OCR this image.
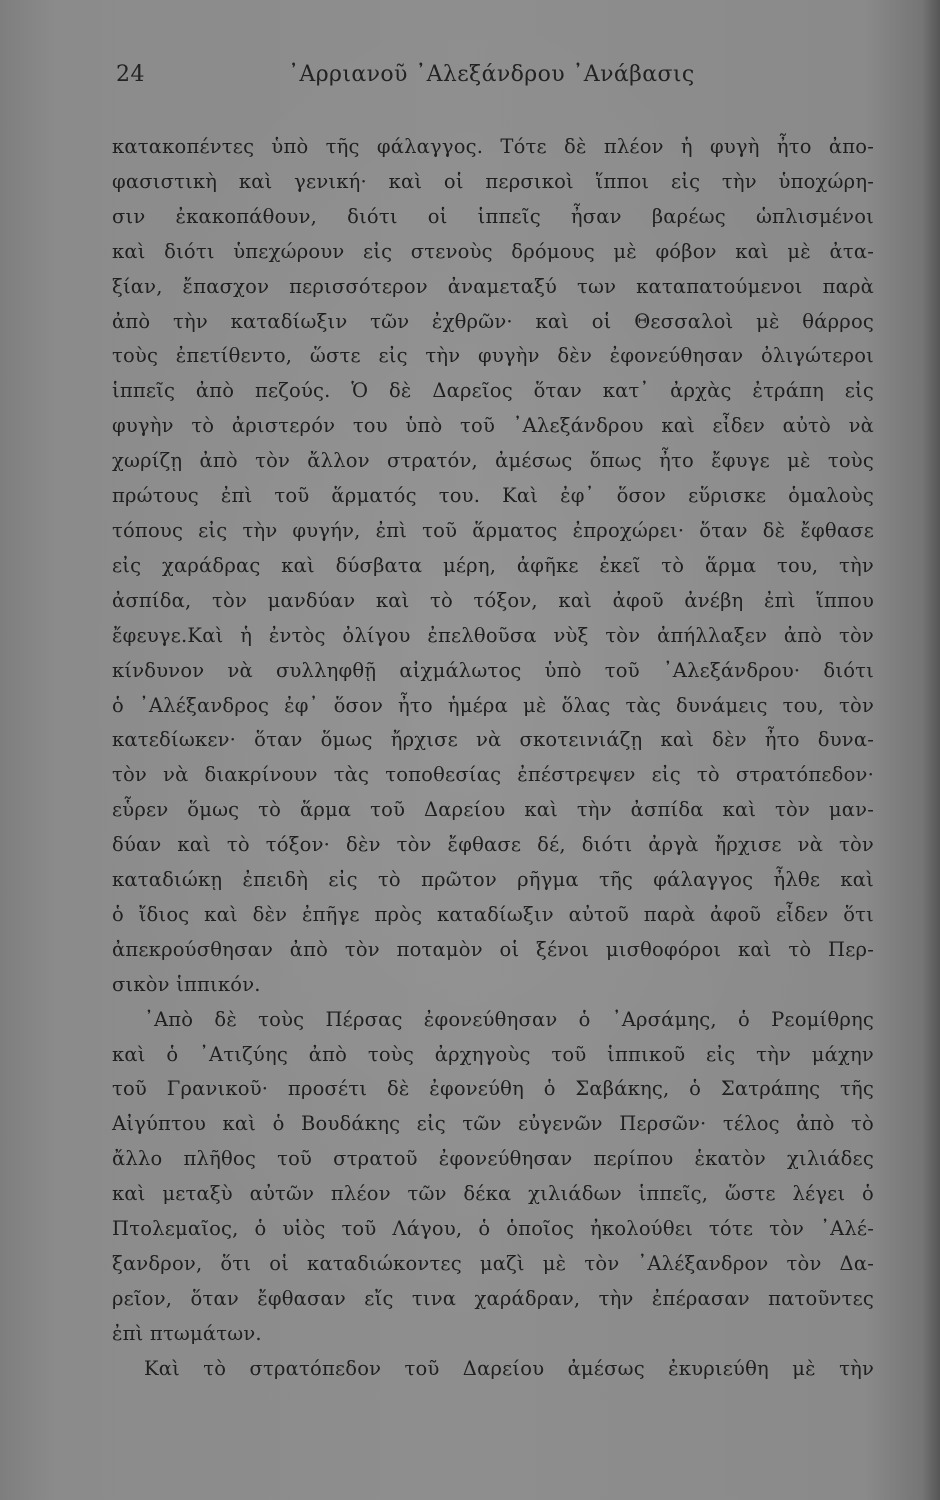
24	᾿Αρριανοῦ ᾿Αλεξάνδρου ᾿Ανάβασις
κατακοπέντες ὑπὸ τῆς φάλαγγος. Τότε δὲ πλέον ἡ φυγὴ ἦτο ἀπο-
φασιστικὴ καὶ γενική· καὶ οἱ περσικοὶ ἵπποι εἰς τὴν ὑποχώρη-
σιν ἐκακοπάθουν, διότι οἱ ἱππεῖς ἦσαν βαρέως ὡπλισμένοι
καὶ διότι ὑπεχώρουν εἰς στενοὺς δρόμους μὲ φόβον καὶ μὲ ἀτα-
ξίαν, ἔπασχον περισσότερον ἀναμεταξύ των καταπατούμενοι παρὰ
ἀπὸ τὴν καταδίωξιν τῶν ἐχθρῶν· καὶ οἱ Θεσσαλοὶ μὲ θάρρος
τοὺς ἐπετίθεντο, ὥστε εἰς τὴν φυγὴν δὲν ἐφονεύθησαν ὀλιγώτεροι
ἱππεῖς ἀπὸ πεζούς. Ὁ δὲ Δαρεῖος ὅταν κατ᾿ ἀρχὰς ἐτράπη εἰς
φυγὴν τὸ ἀριστερόν του ὑπὸ τοῦ ᾿Αλεξάνδρου καὶ εἶδεν αὐτὸ νὰ
χωρίζῃ ἀπὸ τὸν ἄλλον στρατόν, ἀμέσως ὅπως ἦτο ἔφυγε μὲ τοὺς
πρώτους ἐπὶ τοῦ ἅρματός του. Καὶ ἐφ᾿ ὅσον εὕρισκε ὁμαλοὺς
τόπους εἰς τὴν φυγήν, ἐπὶ τοῦ ἅρματος ἐπροχώρει· ὅταν δὲ ἔφθασε
εἰς χαράδρας καὶ δύσβατα μέρη, ἀφῆκε ἐκεῖ τὸ ἅρμα του, τὴν
ἀσπίδα, τὸν μανδύαν καὶ τὸ τόξον, καὶ ἀφοῦ ἀνέβη ἐπὶ ἵππου
ἔφευγε.Καὶ ἡ ἐντὸς ὀλίγου ἐπελθοῦσα νὺξ τὸν ἀπήλλαξεν ἀπὸ τὸν
κίνδυνον νὰ συλληφθῇ αἰχμάλωτος ὑπὸ τοῦ ᾿Αλεξάνδρου· διότι
ὁ ᾿Αλέξανδρος ἐφ᾿ ὅσον ἦτο ἡμέρα μὲ ὅλας τὰς δυνάμεις του, τὸν
κατεδίωκεν· ὅταν ὅμως ἤρχισε νὰ σκοτεινιάζῃ καὶ δὲν ἦτο δυνα-
τὸν νὰ διακρίνουν τὰς τοποθεσίας ἐπέστρεψεν εἰς τὸ στρατόπεδον·
εὗρεν ὅμως τὸ ἅρμα τοῦ Δαρείου καὶ τὴν ἀσπίδα καὶ τὸν μαν-
δύαν καὶ τὸ τόξον· δὲν τὸν ἔφθασε δέ, διότι ἀργὰ ἤρχισε νὰ τὸν
καταδιώκῃ ἐπειδὴ εἰς τὸ πρῶτον ρῆγμα τῆς φάλαγγος ἦλθε καὶ
ὁ ἴδιος καὶ δὲν ἐπῆγε πρὸς καταδίωξιν αὐτοῦ παρὰ ἀφοῦ εἶδεν ὅτι
ἀπεκρούσθησαν ἀπὸ τὸν ποταμὸν οἱ ξένοι μισθοφόροι καὶ τὸ Περ-
σικὸν ἱππικόν.
᾿Απὸ δὲ τοὺς Πέρσας ἐφονεύθησαν ὁ ᾿Αρσάμης, ὁ Ρεομίθρης
καὶ ὁ ᾿Ατιζύης ἀπὸ τοὺς ἀρχηγοὺς τοῦ ἱππικοῦ εἰς τὴν μάχην
τοῦ Γρανικοῦ· προσέτι δὲ ἐφονεύθη ὁ Σαβάκης, ὁ Σατράπης τῆς
Αἰγύπτου καὶ ὁ Βουδάκης εἰς τῶν εὐγενῶν Περσῶν· τέλος ἀπὸ τὸ
ἄλλο πλῆθος τοῦ στρατοῦ ἐφονεύθησαν περίπου ἑκατὸν χιλιάδες
καὶ μεταξὺ αὐτῶν πλέον τῶν δέκα χιλιάδων ἱππεῖς, ὥστε λέγει ὁ
Πτολεμαῖος, ὁ υἱὸς τοῦ Λάγου, ὁ ὁποῖος ἠκολούθει τότε τὸν ᾿Αλέ-
ξανδρον, ὅτι οἱ καταδιώκοντες μαζὶ μὲ τὸν ᾿Αλέξανδρον τὸν Δα-
ρεῖον, ὅταν ἔφθασαν εἴς τινα χαράδραν, τὴν ἐπέρασαν πατοῦντες
ἐπὶ πτωμάτων.
Καὶ τὸ στρατόπεδον τοῦ Δαρείου ἀμέσως ἐκυριεύθη μὲ τὴν
